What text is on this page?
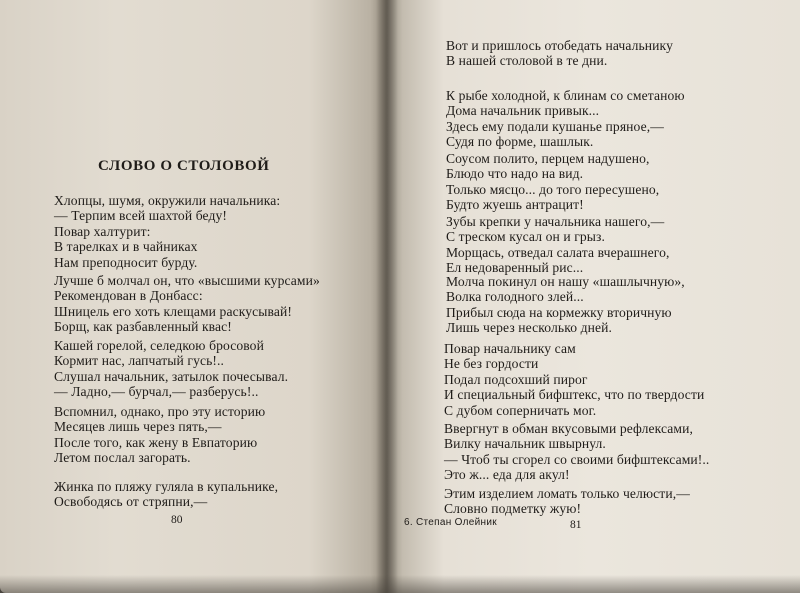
СЛОВО О СТОЛОВОЙ
Хлопцы, шумя, окружили начальника:
— Терпим всей шахтой беду!
Повар халтурит:
В тарелках и в чайниках
Нам преподносит бурду.
Лучше б молчал он, что «высшими курсами»
Рекомендован в Донбасс:
Шницель его хоть клещами раскусывай!
Борщ, как разбавленный квас!
Кашей горелой, селедкою бросовой
Кормит нас, лапчатый гусь!..
Слушал начальник, затылок почесывал.
— Ладно,— бурчал,— разберусь!..
Вспомнил, однако, про эту историю
Месяцев лишь через пять,—
После того, как жену в Евпаторию
Летом послал загорать.
Жинка по пляжу гуляла в купальнике,
Освободясь от стряпни,—
80
Вот и пришлось отобедать начальнику
В нашей столовой в те дни.
К рыбе холодной, к блинам со сметаною
Дома начальник привык...
Здесь ему подали кушанье пряное,—
Судя по форме, шашлык.
Соусом полито, перцем надушено,
Блюдо что надо на вид.
Только мясцо... до того пересушено,
Будто жуешь антрацит!
Зубы крепки у начальника нашего,—
С треском кусал он и грыз.
Морщась, отведал салата вчерашнего,
Ел недоваренный рис...
Молча покинул он нашу «шашлычную»,
Волка голодного злей...
Прибыл сюда на кормежку вторичную
Лишь через несколько дней.
Повар начальнику сам
Не без гордости
Подал подсохший пирог
И специальный бифштекс, что по твердости
С дубом соперничать мог.
Ввергнут в обман вкусовыми рефлексами,
Вилку начальник швырнул.
— Чтоб ты сгорел со своими бифштексами!..
Это ж... еда для акул!
Этим изделием ломать только челюсти,—
Словно подметку жую!
6. Степан Олейник	81
